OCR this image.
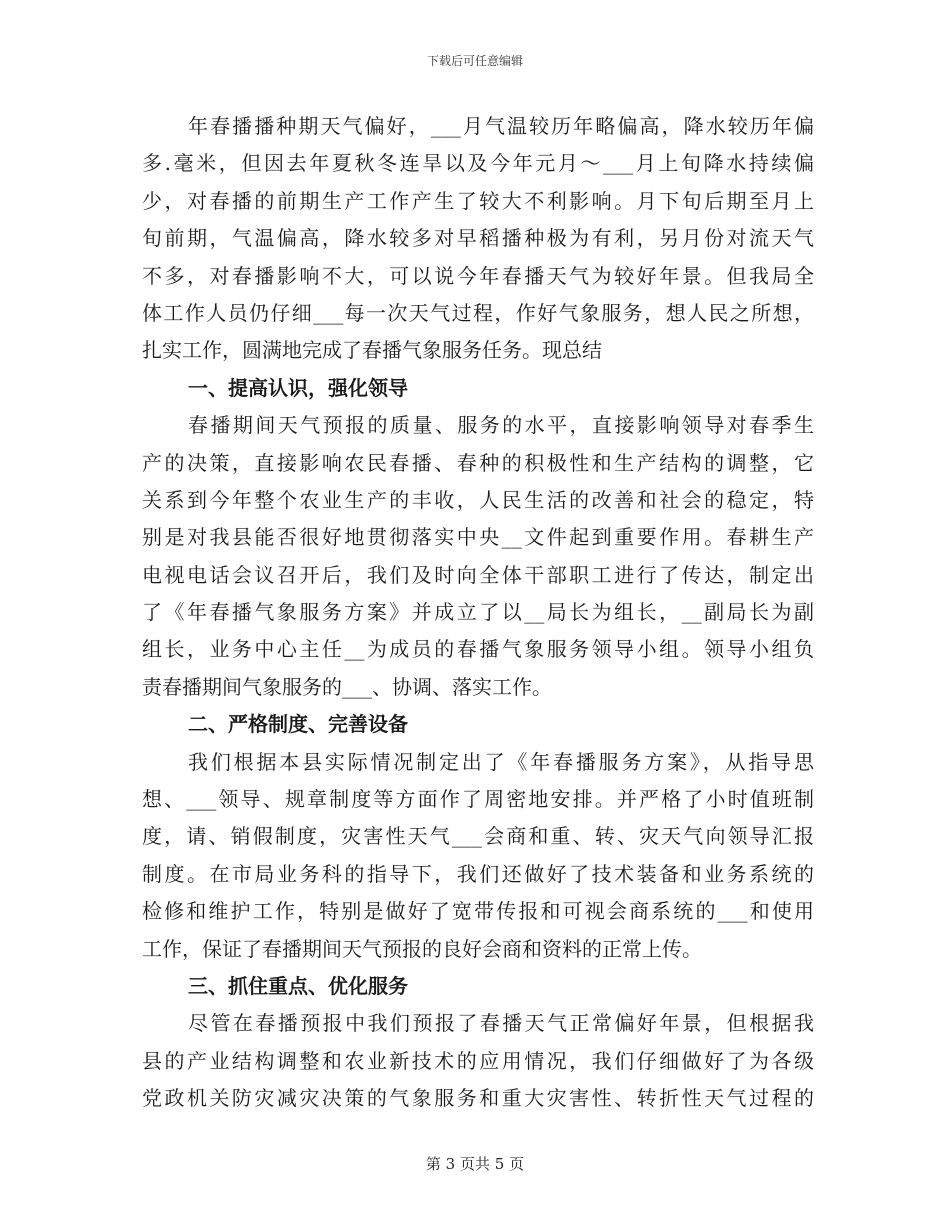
下载后可任意编辑
年春播播种期天气偏好，___月气温较历年略偏高，降水较历年偏
多.毫米，但因去年夏秋冬连旱以及今年元月～___月上旬降水持续偏
少，对春播的前期生产工作产生了较大不利影响。月下旬后期至月上
旬前期，气温偏高，降水较多对早稻播种极为有利，另月份对流天气
不多，对春播影响不大，可以说今年春播天气为较好年景。但我局全
体工作人员仍仔细___每一次天气过程，作好气象服务，想人民之所想，
扎实工作，圆满地完成了春播气象服务任务。现总结
一、提高认识，强化领导
春播期间天气预报的质量、服务的水平，直接影响领导对春季生
产的决策，直接影响农民春播、春种的积极性和生产结构的调整，它
关系到今年整个农业生产的丰收，人民生活的改善和社会的稳定，特
别是对我县能否很好地贯彻落实中央__文件起到重要作用。春耕生产
电视电话会议召开后，我们及时向全体干部职工进行了传达，制定出
了《年春播气象服务方案》并成立了以__局长为组长，__副局长为副
组长，业务中心主任__为成员的春播气象服务领导小组。领导小组负
责春播期间气象服务的___、协调、落实工作。
二、严格制度、完善设备
我们根据本县实际情况制定出了《年春播服务方案》，从指导思
想、___领导、规章制度等方面作了周密地安排。并严格了小时值班制
度，请、销假制度，灾害性天气___会商和重、转、灾天气向领导汇报
制度。在市局业务科的指导下，我们还做好了技术装备和业务系统的
检修和维护工作，特别是做好了宽带传报和可视会商系统的___和使用
工作，保证了春播期间天气预报的良好会商和资料的正常上传。
三、抓住重点、优化服务
尽管在春播预报中我们预报了春播天气正常偏好年景，但根据我
县的产业结构调整和农业新技术的应用情况，我们仔细做好了为各级
党政机关防灾减灾决策的气象服务和重大灾害性、转折性天气过程的
第 3 页共 5 页
